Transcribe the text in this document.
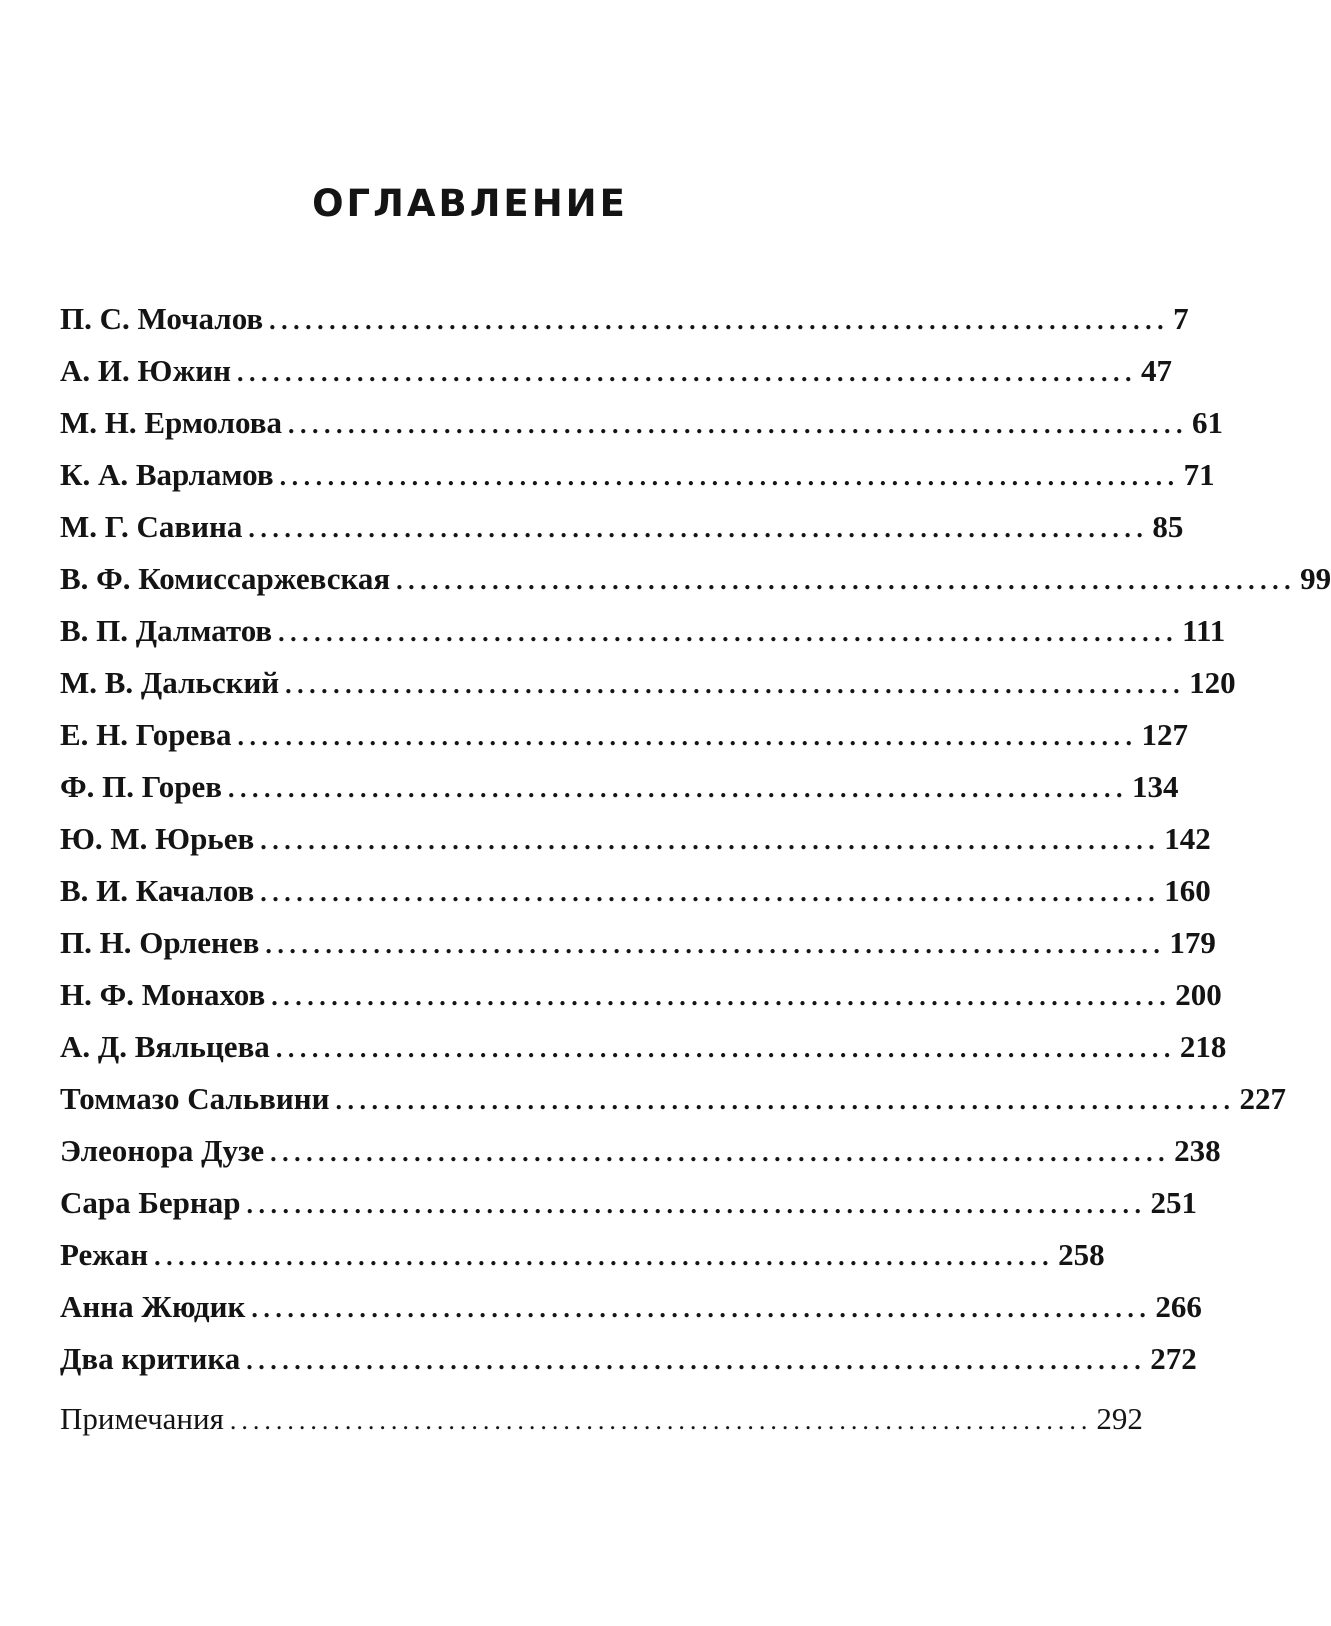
ОГЛАВЛЕНИЕ
П. С. Мочалов ........................................................................... 7
А. И. Южин ........................................................................... 47
М. Н. Ермолова ........................................................................... 61
К. А. Варламов ........................................................................... 71
М. Г. Савина ........................................................................... 85
В. Ф. Комиссаржевская ........................................................................... 99
В. П. Далматов ........................................................................... 111
М. В. Дальский ........................................................................... 120
Е. Н. Горева ........................................................................... 127
Ф. П. Горев ........................................................................... 134
Ю. М. Юрьев ........................................................................... 142
В. И. Качалов ........................................................................... 160
П. Н. Орленев ........................................................................... 179
Н. Ф. Монахов ........................................................................... 200
А. Д. Вяльцева ........................................................................... 218
Томмазо Сальвини ........................................................................... 227
Элеонора Дузе ........................................................................... 238
Сара Бернар ........................................................................... 251
Режан ........................................................................... 258
Анна Жюдик ........................................................................... 266
Два критика ........................................................................... 272
Примечания ........................................................................... 292
